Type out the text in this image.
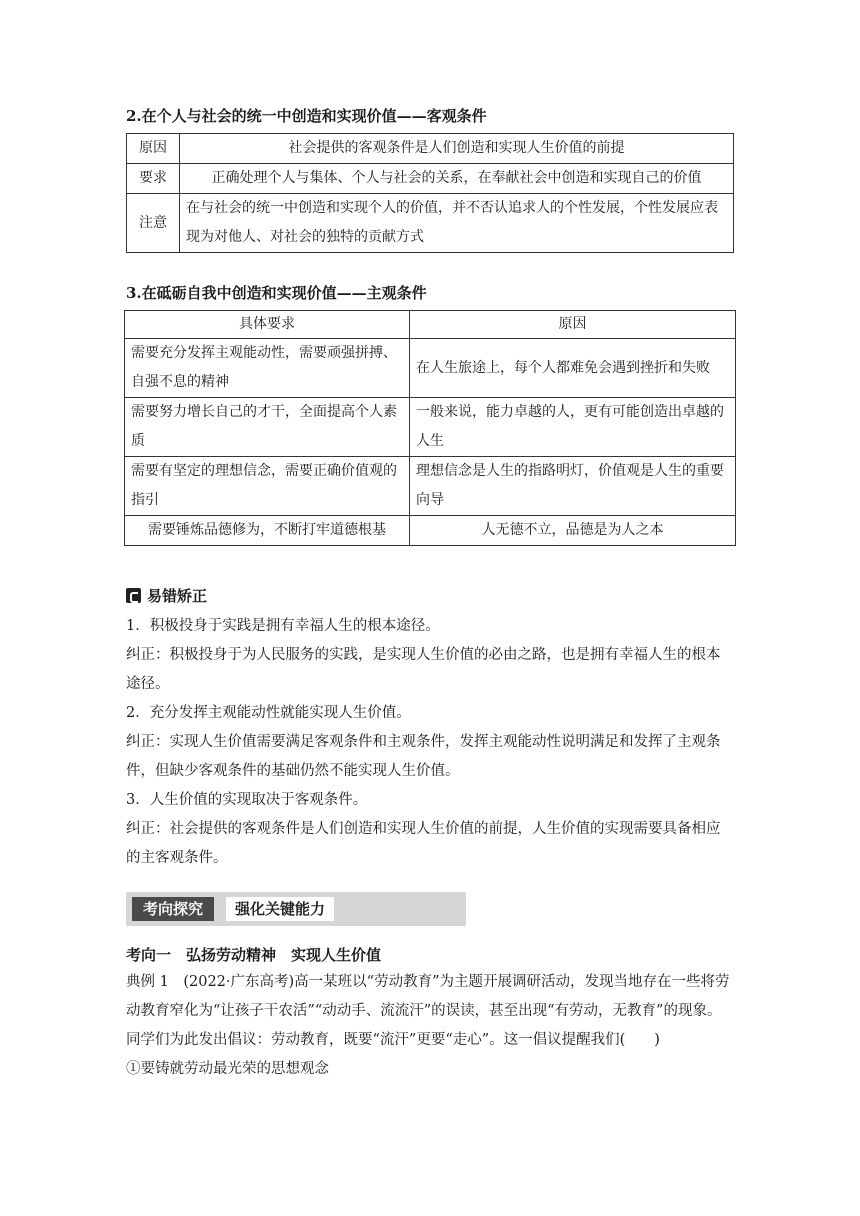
2.在个人与社会的统一中创造和实现价值——客观条件
原因	社会提供的客观条件是人们创造和实现人生价值的前提
要求	正确处理个人与集体、个人与社会的关系，在奉献社会中创造和实现自己的价值
注意	在与社会的统一中创造和实现个人的价值，并不否认追求人的个性发展，个性发展应表现为对他人、对社会的独特的贡献方式
3.在砥砺自我中创造和实现价值——主观条件
具体要求	原因
需要充分发挥主观能动性，需要顽强拼搏、自强不息的精神	在人生旅途上，每个人都难免会遇到挫折和失败
需要努力增长自己的才干，全面提高个人素质	一般来说，能力卓越的人，更有可能创造出卓越的人生
需要有坚定的理想信念，需要正确价值观的指引	理想信念是人生的指路明灯，价值观是人生的重要向导
需要锤炼品德修为，不断打牢道德根基	人无德不立，品德是为人之本
易错矫正
1．积极投身于实践是拥有幸福人生的根本途径。
纠正：积极投身于为人民服务的实践，是实现人生价值的必由之路，也是拥有幸福人生的根本途径。
2．充分发挥主观能动性就能实现人生价值。
纠正：实现人生价值需要满足客观条件和主观条件，发挥主观能动性说明满足和发挥了主观条件，但缺少客观条件的基础仍然不能实现人生价值。
3．人生价值的实现取决于客观条件。
纠正：社会提供的客观条件是人们创造和实现人生价值的前提，人生价值的实现需要具备相应的主客观条件。
考向探究	强化关键能力
考向一　弘扬劳动精神　实现人生价值
典例 1　(2022·广东高考)高一某班以“劳动教育”为主题开展调研活动，发现当地存在一些将劳动教育窄化为“让孩子干农活”“动动手、流流汗”的误读，甚至出现“有劳动，无教育”的现象。同学们为此发出倡议：劳动教育，既要“流汗”更要“走心”。这一倡议提醒我们(　　)
①要铸就劳动最光荣的思想观念
